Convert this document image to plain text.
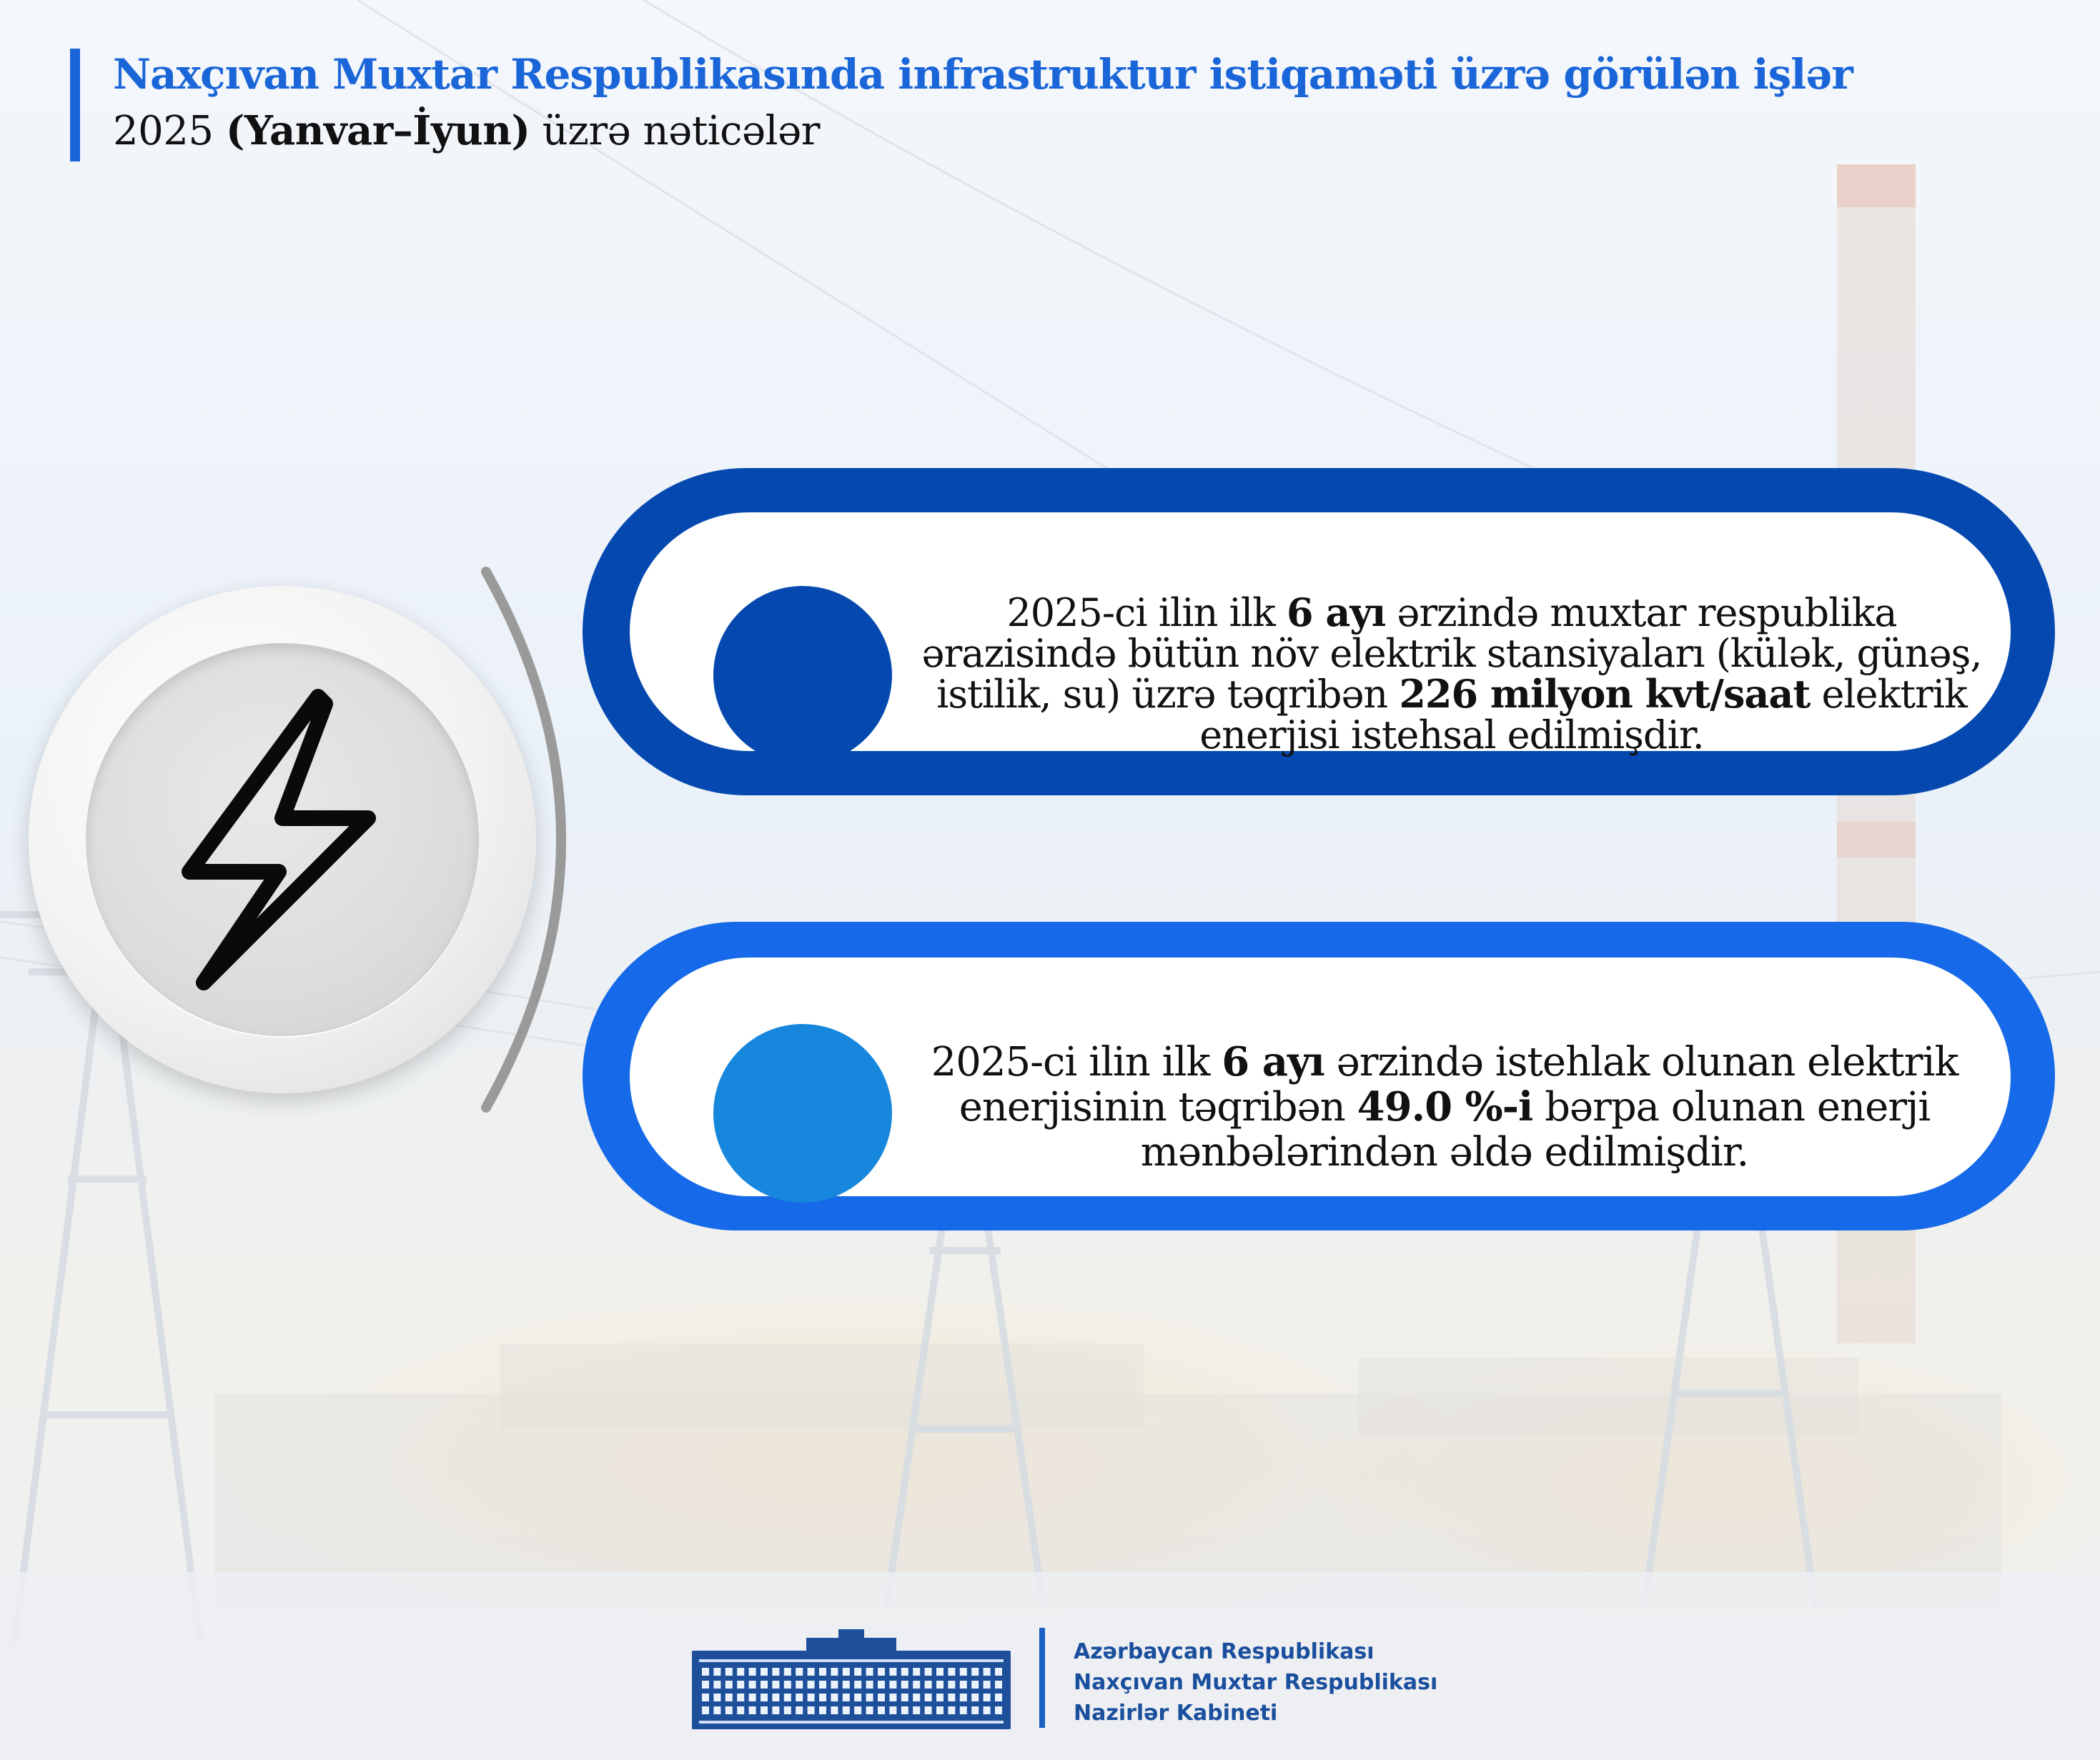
Naxçıvan Muxtar Respublikasında infrastruktur istiqaməti üzrə görülən işlər
2025 (Yanvar–İyun) üzrə nəticələr
2025-ci ilin ilk 6 ayı ərzində muxtar respublika ərazisində bütün növ elektrik stansiyaları (külək, günəş, istilik, su) üzrə təqribən 226 milyon kvt/saat elektrik enerjisi istehsal edilmişdir.
2025-ci ilin ilk 6 ayı ərzində istehlak olunan elektrik enerjisinin təqribən 49.0 %-i bərpa olunan enerji mənbələrindən əldə edilmişdir.
Azərbaycan Respublikası
Naxçıvan Muxtar Respublikası
Nazirlər Kabineti
